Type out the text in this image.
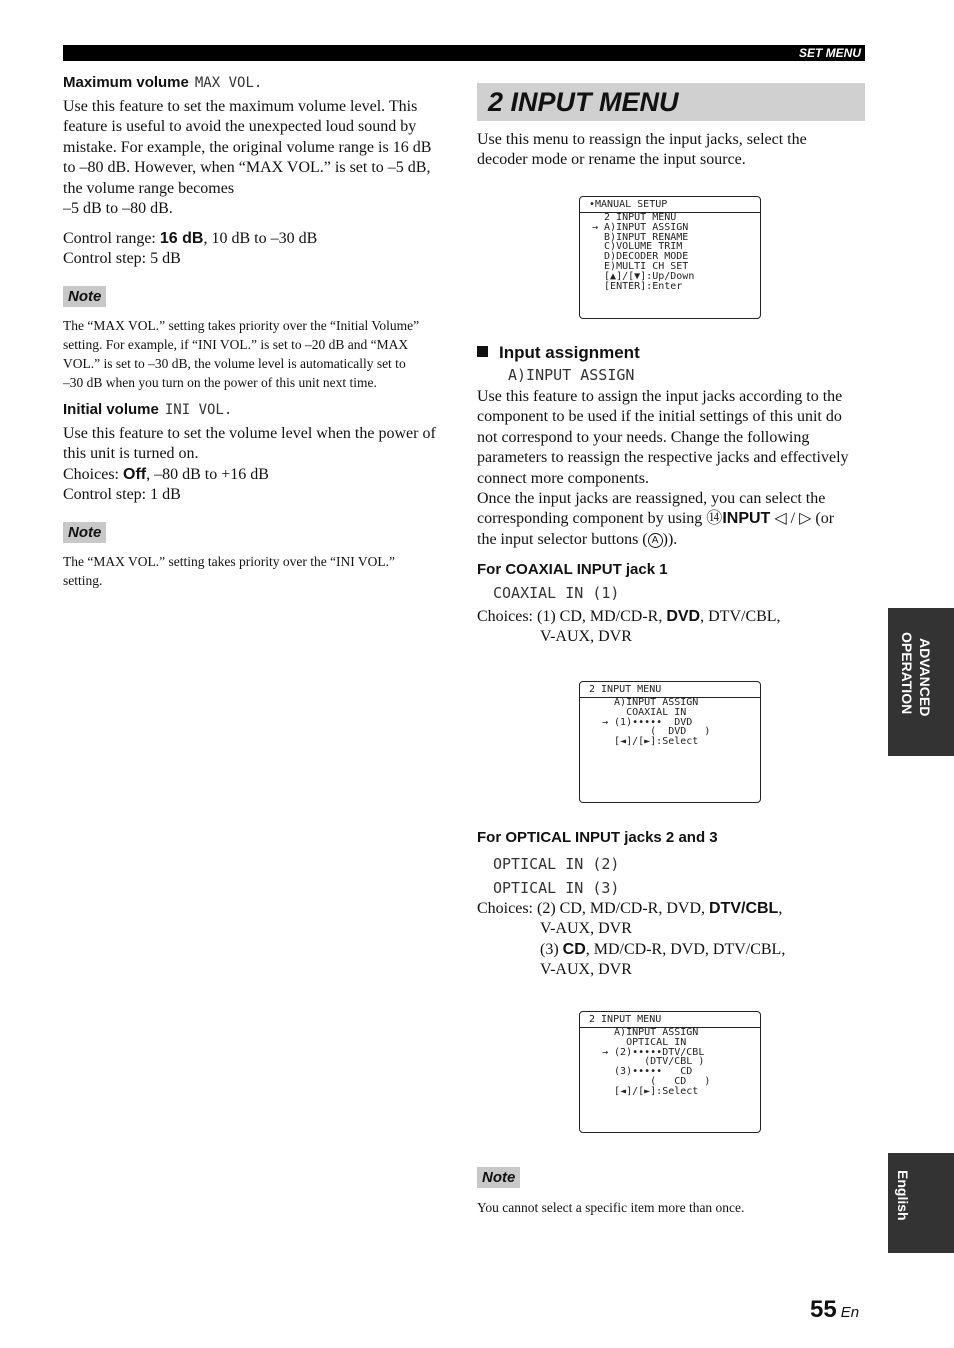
SET MENU
Maximum volume MAX VOL.
Use this feature to set the maximum volume level. This
feature is useful to avoid the unexpected loud sound by
mistake. For example, the original volume range is 16 dB
to –80 dB. However, when “MAX VOL.” is set to –5 dB,
the volume range becomes
–5 dB to –80 dB.
Control range: 16 dB, 10 dB to –30 dB
Control step: 5 dB
Note
The “MAX VOL.” setting takes priority over the “Initial Volume”
setting. For example, if “INI VOL.” is set to –20 dB and “MAX
VOL.” is set to –30 dB, the volume level is automatically set to
–30 dB when you turn on the power of this unit next time.
Initial volume INI VOL.
Use this feature to set the volume level when the power of
this unit is turned on.
Choices: Off, –80 dB to +16 dB
Control step: 1 dB
Note
The “MAX VOL.” setting takes priority over the “INI VOL.”
setting.
2 INPUT MENU
Use this menu to reassign the input jacks, select the
decoder mode or rename the input source.
•MANUAL SETUP
2 INPUT MENU
→ A)INPUT ASSIGN
B)INPUT RENAME
C)VOLUME TRIM
D)DECODER MODE
E)MULTI CH SET
[▲]/[▼]:Up/Down
[ENTER]:Enter
Input assignment
A)INPUT ASSIGN
Use this feature to assign the input jacks according to the
component to be used if the initial settings of this unit do
not correspond to your needs. Change the following
parameters to reassign the respective jacks and effectively
connect more components.
Once the input jacks are reassigned, you can select the
corresponding component by using ⑭INPUT ◁ / ▷ (or
the input selector buttons ( A )).
For COAXIAL INPUT jack 1
COAXIAL IN (1)
Choices: (1) CD, MD/CD-R, DVD, DTV/CBL,
V-AUX, DVR
2 INPUT MENU
A)INPUT ASSIGN
COAXIAL IN
→ (1)•••••  DVD
(  DVD   )
[◄]/[►]:Select
For OPTICAL INPUT jacks 2 and 3
OPTICAL IN (2)
OPTICAL IN (3)
Choices: (2) CD, MD/CD-R, DVD, DTV/CBL,
V-AUX, DVR
(3) CD, MD/CD-R, DVD, DTV/CBL,
V-AUX, DVR
2 INPUT MENU
A)INPUT ASSIGN
OPTICAL IN
→ (2)•••••DTV/CBL
(DTV/CBL )
(3)•••••   CD
(   CD   )
[◄]/[►]:Select
Note
You cannot select a specific item more than once.
OPERATION ADVANCED
English
55 En
